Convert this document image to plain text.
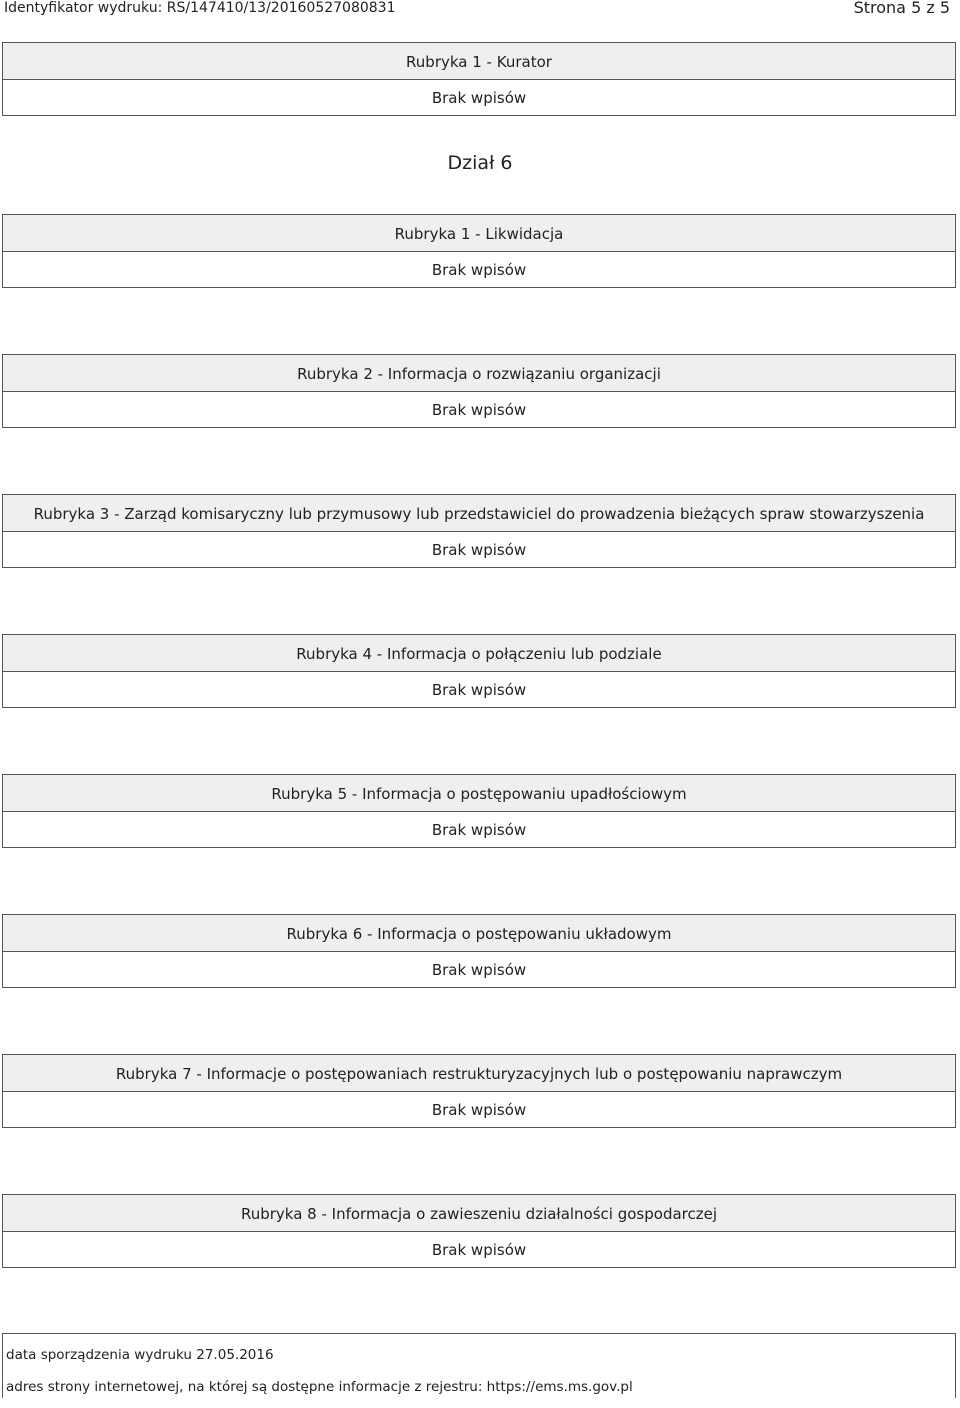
Identyfikator wydruku: RS/147410/13/20160527080831	Strona 5 z 5
Rubryka 1 - Kurator
Brak wpisów
Dział 6
Rubryka 1 - Likwidacja
Brak wpisów
Rubryka 2 - Informacja o rozwiązaniu organizacji
Brak wpisów
Rubryka 3 - Zarząd komisaryczny lub przymusowy lub przedstawiciel do prowadzenia bieżących spraw stowarzyszenia
Brak wpisów
Rubryka 4 - Informacja o połączeniu lub podziale
Brak wpisów
Rubryka 5 - Informacja o postępowaniu upadłościowym
Brak wpisów
Rubryka 6 - Informacja o postępowaniu układowym
Brak wpisów
Rubryka 7 - Informacje o postępowaniach restrukturyzacyjnych lub o postępowaniu naprawczym
Brak wpisów
Rubryka 8 - Informacja o zawieszeniu działalności gospodarczej
Brak wpisów
data sporządzenia wydruku 27.05.2016
adres strony internetowej, na której są dostępne informacje z rejestru: https://ems.ms.gov.pl
